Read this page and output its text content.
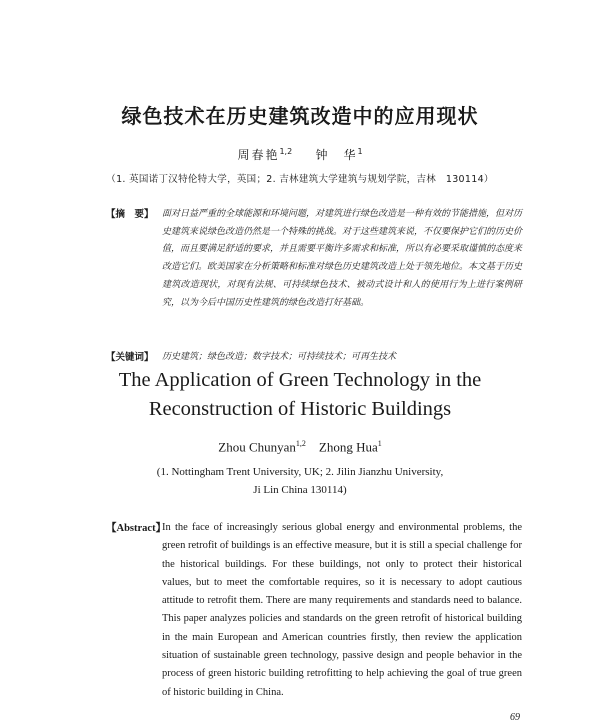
绿色技术在历史建筑改造中的应用现状
周春艳$^{1,2}$ 钟　华$^1$
（1. 英国诺丁汉特伦特大学，英国；2. 吉林建筑大学建筑与规划学院，吉林　130114）
【摘　要】 面对日益严重的全球能源和环境问题，对建筑进行绿色改造是一种有效的节能措施，但对历史建筑来说绿色改造仍然是一个特殊的挑战。对于这些建筑来说，不仅要保护它们的历史价值，而且要满足舒适的要求，并且需要平衡许多需求和标准，所以有必要采取谨慎的态度来改造它们。欧美国家在分析策略和标准对绿色历史建筑改造上处于领先地位。本文基于历史建筑改造现状，对现有法规、可持续绿色技术、被动式设计和人的使用行为上进行案例研究，以为今后中国历史性建筑的绿色改造打好基础。
【关键词】 历史建筑；绿色改造；数字技术；可持续技术；可再生技术
The Application of Green Technology in the
Reconstruction of Historic Buildings
Zhou Chunyan$^{1,2}$ Zhong Hua$^1$
(1. Nottingham Trent University, UK; 2. Jilin Jianzhu University,
Ji Lin China 130114)
【Abstract】
In the face of increasingly serious global energy and environmental problems, the green retrofit of buildings is an effective measure, but it is still a special challenge for the historical buildings. For these buildings, not only to protect their historical values, but to meet the comfortable requires, so it is necessary to adopt cautious attitude to retrofit them. There are many requirements and standards need to balance. This paper analyzes policies and standards on the green retrofit of historical building in the main European and American countries firstly, then review the application situation of sustainable green technology, passive design and people behavior in the process of green historic building retrofitting to help achieving the goal of true green of historic building in China.
69
